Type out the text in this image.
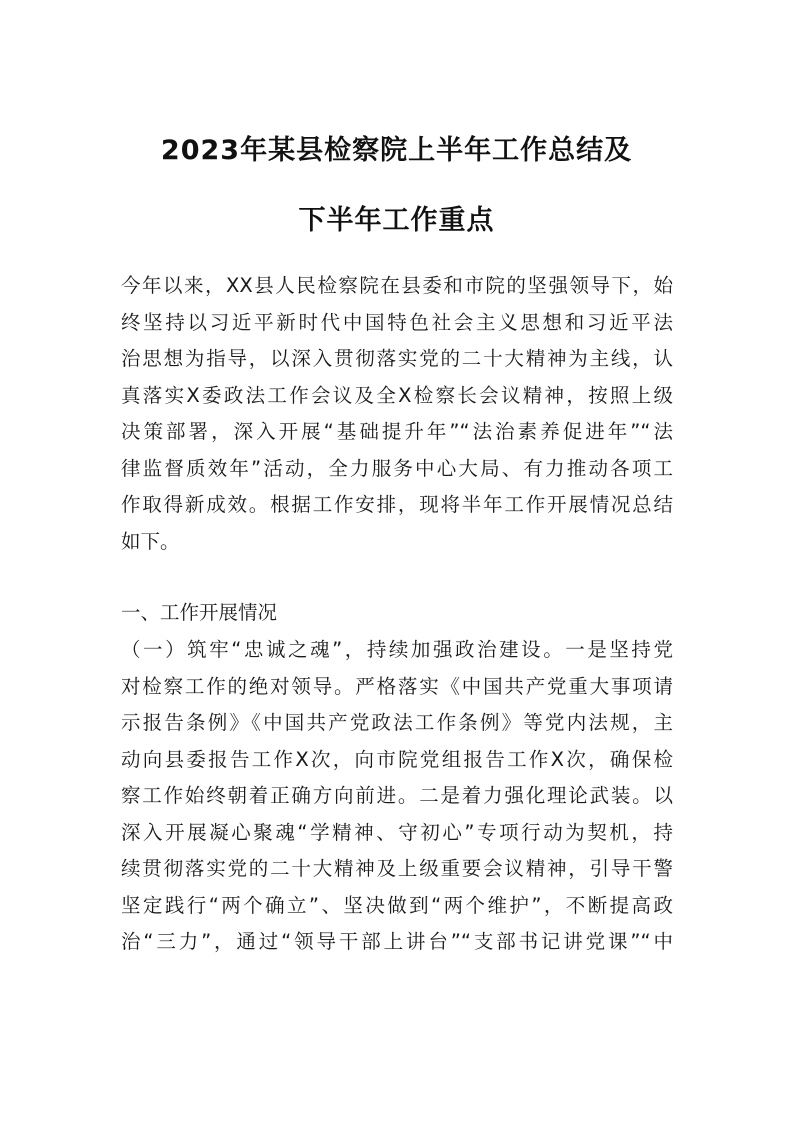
2023年某县检察院上半年工作总结及
下半年工作重点
今年以来，XX县人民检察院在县委和市院的坚强领导下，始
终坚持以习近平新时代中国特色社会主义思想和习近平法
治思想为指导，以深入贯彻落实党的二十大精神为主线，认
真落实X委政法工作会议及全X检察长会议精神，按照上级
决策部署，深入开展“基础提升年”“法治素养促进年”“法
律监督质效年”活动，全力服务中心大局、有力推动各项工
作取得新成效。根据工作安排，现将半年工作开展情况总结
如下。
一、工作开展情况
（一）筑牢“忠诚之魂”，持续加强政治建设。一是坚持党
对检察工作的绝对领导。严格落实《中国共产党重大事项请
示报告条例》《中国共产党政法工作条例》等党内法规，主
动向县委报告工作X次，向市院党组报告工作X次，确保检
察工作始终朝着正确方向前进。二是着力强化理论武装。以
深入开展凝心聚魂“学精神、守初心”专项行动为契机，持
续贯彻落实党的二十大精神及上级重要会议精神，引导干警
坚定践行“两个确立”、坚决做到“两个维护”，不断提高政
治“三力”，通过“领导干部上讲台”“支部书记讲党课”“中
